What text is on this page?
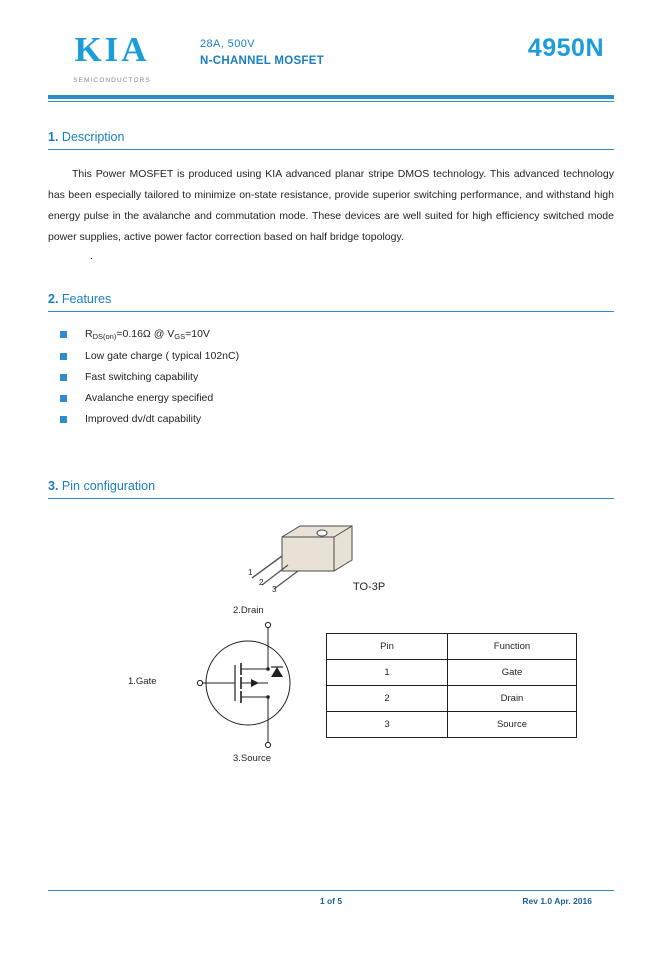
KIA
SEMICONDUCTORS
28A, 500V
N-CHANNEL MOSFET	4950N
1. Description
This Power MOSFET is produced using KIA advanced planar stripe DMOS technology. This advanced technology has been especially tailored to minimize on-state resistance, provide superior switching performance, and withstand high energy pulse in the avalanche and commutation mode. These devices are well suited for high efficiency switched mode power supplies, active power factor correction based on half bridge topology.
.
2. Features
$R_{DS(on)}=0.16\Omega$ @ $V_{GS}=10V$
Low gate charge ( typical 102nC)
Fast switching capability
Avalanche energy specified
Improved dv/dt capability
3. Pin configuration
1
2
3	TO-3P
2.Drain
1.Gate
3.Source
Pin	Function
1	Gate
2	Drain
3	Source
1 of 5	Rev 1.0 Apr. 2016
